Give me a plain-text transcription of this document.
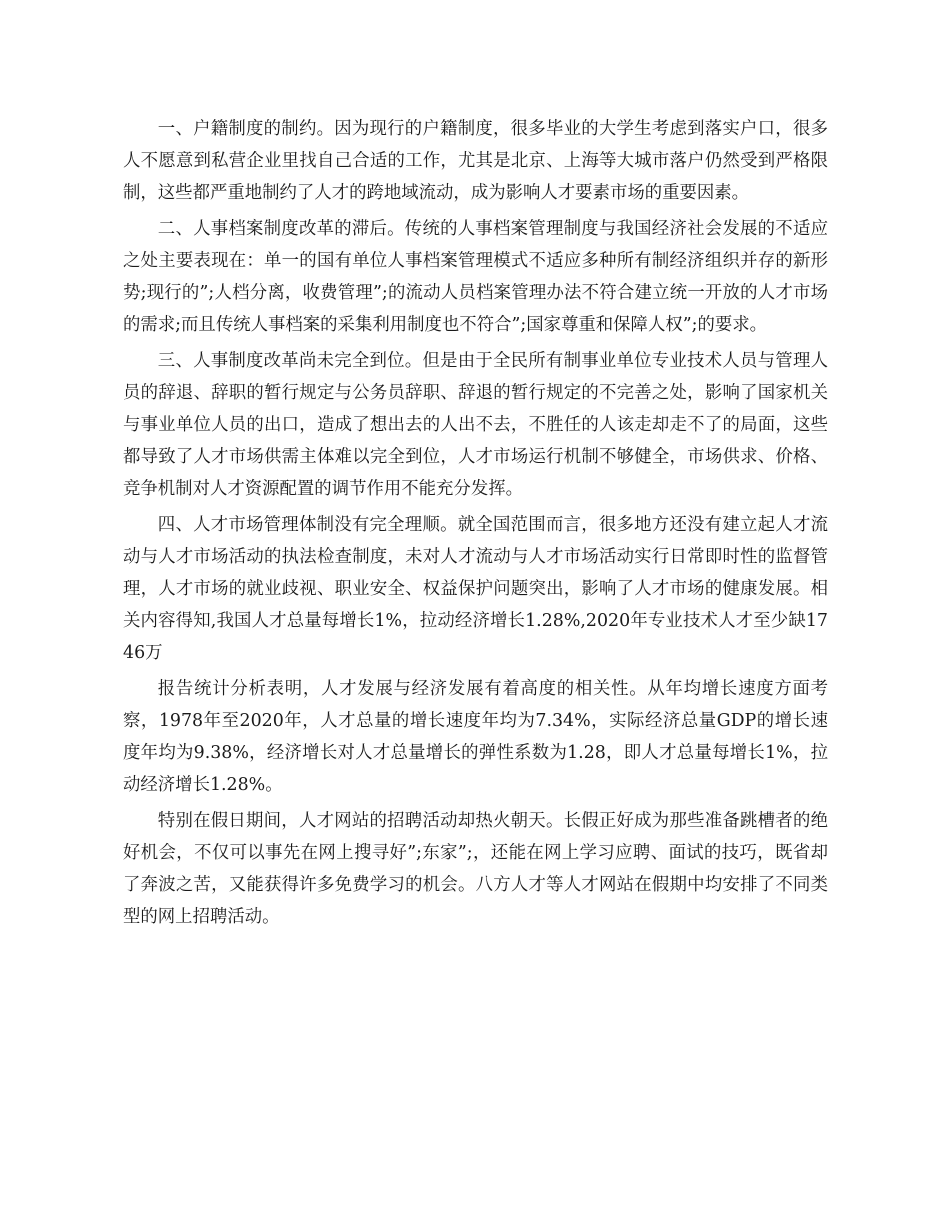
一、户籍制度的制约。因为现行的户籍制度，很多毕业的大学生考虑到落实户口，很多人不愿意到私营企业里找自己合适的工作，尤其是北京、上海等大城市落户仍然受到严格限制，这些都严重地制约了人才的跨地域流动，成为影响人才要素市场的重要因素。

二、人事档案制度改革的滞后。传统的人事档案管理制度与我国经济社会发展的不适应之处主要表现在：单一的国有单位人事档案管理模式不适应多种所有制经济组织并存的新形势;现行的”;人档分离，收费管理”;的流动人员档案管理办法不符合建立统一开放的人才市场的需求;而且传统人事档案的采集利用制度也不符合”;国家尊重和保障人权”;的要求。

三、人事制度改革尚未完全到位。但是由于全民所有制事业单位专业技术人员与管理人员的辞退、辞职的暂行规定与公务员辞职、辞退的暂行规定的不完善之处，影响了国家机关与事业单位人员的出口，造成了想出去的人出不去，不胜任的人该走却走不了的局面，这些都导致了人才市场供需主体难以完全到位，人才市场运行机制不够健全，市场供求、价格、竞争机制对人才资源配置的调节作用不能充分发挥。

四、人才市场管理体制没有完全理顺。就全国范围而言，很多地方还没有建立起人才流动与人才市场活动的执法检查制度，未对人才流动与人才市场活动实行日常即时性的监督管理，人才市场的就业歧视、职业安全、权益保护问题突出，影响了人才市场的健康发展。相关内容得知,我国人才总量每增长1%，拉动经济增长1.28%,2020年专业技术人才至少缺1746万

报告统计分析表明，人才发展与经济发展有着高度的相关性。从年均增长速度方面考察，1978年至2020年，人才总量的增长速度年均为7.34%，实际经济总量GDP的增长速度年均为9.38%，经济增长对人才总量增长的弹性系数为1.28，即人才总量每增长1%，拉动经济增长1.28%。

特别在假日期间，人才网站的招聘活动却热火朝天。长假正好成为那些准备跳槽者的绝好机会，不仅可以事先在网上搜寻好”;东家”;，还能在网上学习应聘、面试的技巧，既省却了奔波之苦，又能获得许多免费学习的机会。八方人才等人才网站在假期中均安排了不同类型的网上招聘活动。
